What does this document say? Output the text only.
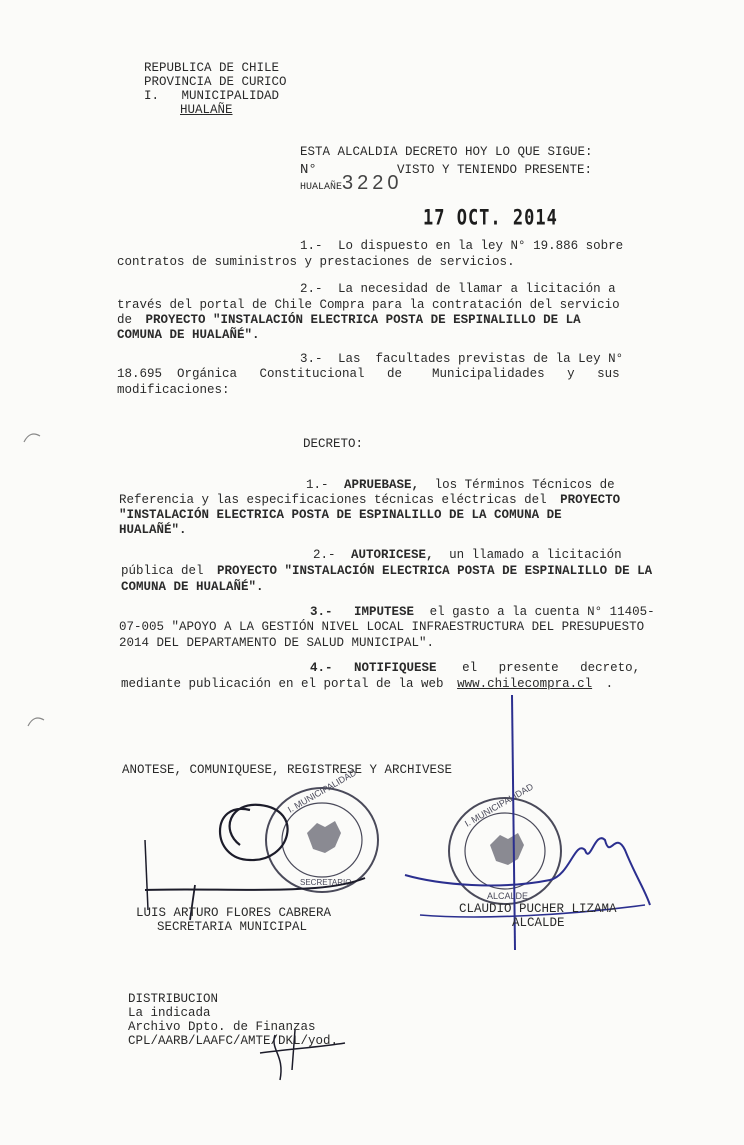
REPUBLICA DE CHILE
PROVINCIA DE CURICO
I.   MUNICIPALIDAD
HUALAÑE
ESTA ALCALDIA DECRETO HOY LO QUE SIGUE:
N°	VISTO Y TENIENDO PRESENTE:
HUALAÑE 3220
17 OCT. 2014
1.- Lo dispuesto en la ley N° 19.886 sobre
contratos de suministros y prestaciones de servicios.
2.- La necesidad de llamar a licitación a
través del portal de Chile Compra para la contratación del servicio
de PROYECTO "INSTALACIÓN ELECTRICA POSTA DE ESPINALILLO DE LA
COMUNA DE HUALAÑÉ".
3.- Las  facultades previstas de la Ley N°
18.695  Orgánica   Constitucional   de    Municipalidades   y   sus
modificaciones:
DECRETO:
1.- APRUEBASE, los Términos Técnicos de
Referencia y las especificaciones técnicas eléctricas del PROYECTO
"INSTALACIÓN ELECTRICA POSTA DE ESPINALILLO DE LA COMUNA DE
HUALAÑÉ".
2.- AUTORICESE, un llamado a licitación
pública del PROYECTO "INSTALACIÓN ELECTRICA POSTA DE ESPINALILLO DE LA
COMUNA DE HUALAÑÉ".
3.- IMPUTESE el gasto a la cuenta N° 11405-
07-005 "APOYO A LA GESTIÓN NIVEL LOCAL INFRAESTRUCTURA DEL PRESUPUESTO
2014 DEL DEPARTAMENTO DE SALUD MUNICIPAL".
4.- NOTIFIQUESE el presente decreto,
mediante publicación en el portal de la web www.chilecompra.cl .
ANOTESE, COMUNIQUESE, REGISTRESE Y ARCHIVESE
I. MUNICIPALIDAD
SECRETARIO
I. MUNICIPALIDAD
ALCALDE
LUIS ARTURO FLORES CABRERA
SECRETARIA MUNICIPAL
CLAUDIO PUCHER LIZAMA
ALCALDE
DISTRIBUCION
La indicada
Archivo Dpto. de Finanzas
CPL/AARB/LAAFC/AMTE/DKL/yod.
